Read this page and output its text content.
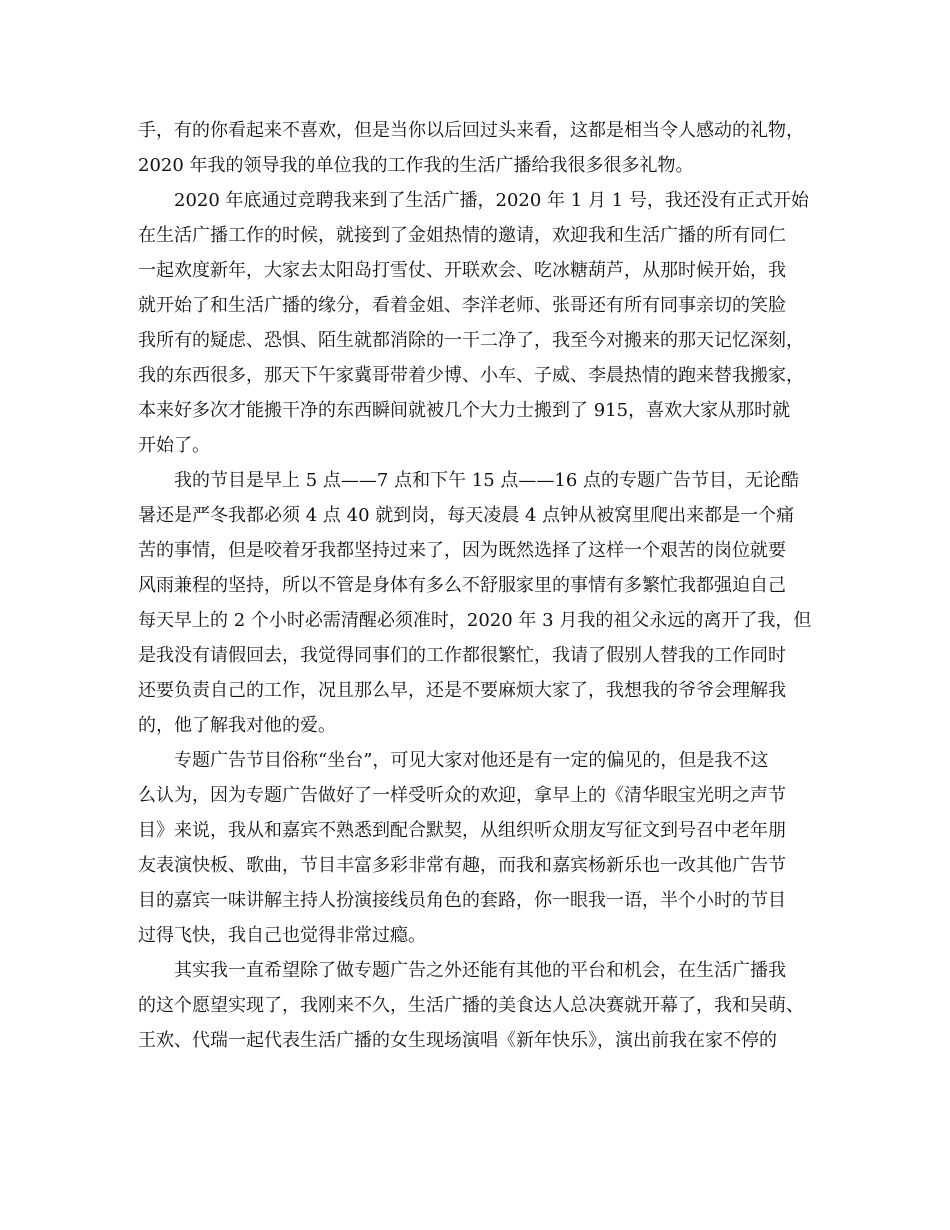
手，有的你看起来不喜欢，但是当你以后回过头来看，这都是相当令人感动的礼物，
2020 年我的领导我的单位我的工作我的生活广播给我很多很多礼物。
2020 年底通过竞聘我来到了生活广播，2020 年 1 月 1 号，我还没有正式开始
在生活广播工作的时候，就接到了金姐热情的邀请，欢迎我和生活广播的所有同仁
一起欢度新年，大家去太阳岛打雪仗、开联欢会、吃冰糖葫芦，从那时候开始，我
就开始了和生活广播的缘分，看着金姐、李洋老师、张哥还有所有同事亲切的笑脸
我所有的疑虑、恐惧、陌生就都消除的一干二净了，我至今对搬来的那天记忆深刻，
我的东西很多，那天下午家冀哥带着少博、小车、子威、李晨热情的跑来替我搬家，
本来好多次才能搬干净的东西瞬间就被几个大力士搬到了 915，喜欢大家从那时就
开始了。
我的节目是早上 5 点——7 点和下午 15 点——16 点的专题广告节目，无论酷
暑还是严冬我都必须 4 点 40 就到岗，每天凌晨 4 点钟从被窝里爬出来都是一个痛
苦的事情，但是咬着牙我都坚持过来了，因为既然选择了这样一个艰苦的岗位就要
风雨兼程的坚持，所以不管是身体有多么不舒服家里的事情有多繁忙我都强迫自己
每天早上的 2 个小时必需清醒必须准时，2020 年 3 月我的祖父永远的离开了我，但
是我没有请假回去，我觉得同事们的工作都很繁忙，我请了假别人替我的工作同时
还要负责自己的工作，况且那么早，还是不要麻烦大家了，我想我的爷爷会理解我
的，他了解我对他的爱。
专题广告节目俗称“坐台”，可见大家对他还是有一定的偏见的，但是我不这
么认为，因为专题广告做好了一样受听众的欢迎，拿早上的《清华眼宝光明之声节
目》来说，我从和嘉宾不熟悉到配合默契，从组织听众朋友写征文到号召中老年朋
友表演快板、歌曲，节目丰富多彩非常有趣，而我和嘉宾杨新乐也一改其他广告节
目的嘉宾一味讲解主持人扮演接线员角色的套路，你一眼我一语，半个小时的节目
过得飞快，我自己也觉得非常过瘾。
其实我一直希望除了做专题广告之外还能有其他的平台和机会，在生活广播我
的这个愿望实现了，我刚来不久，生活广播的美食达人总决赛就开幕了，我和吴萌、
王欢、代瑞一起代表生活广播的女生现场演唱《新年快乐》，演出前我在家不停的
